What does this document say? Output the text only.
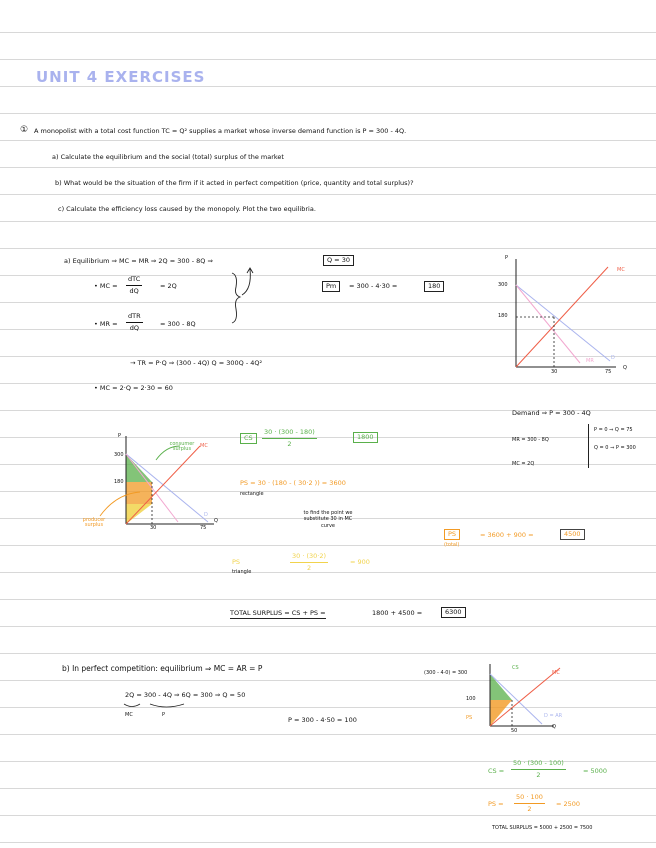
UNIT 4 EXERCISES
① A monopolist with a total cost function TC = Q² supplies a market whose inverse demand function is P = 300 - 4Q.
a) Calculate the equilibrium and the social (total) surplus of the market
b) What would be the situation of the firm if it acted in perfect competition (price, quantity and total surplus)?
c) Calculate the efficiency loss caused by the monopoly. Plot the two equilibria.
a) Equilibrium ⇒ MC = MR ⇒ 2Q = 300 - 8Q ⇒	Q = 30
• MC =
dTC
dQ
= 2Q
• MR =
dTR
dQ	= 300 - 8Q
→ TR = P·Q ⇒ (300 - 4Q) Q = 300Q - 4Q²
• MC = 2·Q = 2·30 = 60
Pm	= 300 - 4·30 =	180
P
300
180
30	75
Q
MC
D
MR
Demand ⇒ P = 300 - 4Q
P = 0 ⇒ Q = 75
Q = 0 ⇒ P = 300
MR = 300 - 8Q
MC = 2Q
P
300
180
30	75
Q
MC
D
consumer surplus
producer surplus
CS	$\frac{30 \cdot (300 - 180)}{2}$	1800
PS = 30 · (180 - ( 30·2 )) = 3600
rectangle
to find the point we substitute 30 in MC curve
PS	$\frac{30 \cdot (30\cdot 2)}{2}$	= 900
triangle
PS
(total)
= 3600 + 900 =	4500
TOTAL SURPLUS = CS + PS =	1800 + 4500 =	6300
b) In perfect competition: equilibrium ⇒ MC = AR = P
2Q = 300 - 4Q ⇒ 6Q = 300 ⇒ Q = 50
MC	P
P = 300 - 4·50 = 100
(300 - 4·0) = 300
100
50
Q
MC
D = AR
CS
PS
CS = $\frac{50 \cdot (300 - 100)}{2}$	= 5000
PS = $\frac{50 \cdot 100}{2} = 2500$
TOTAL SURPLUS = 5000 + 2500 = 7500
